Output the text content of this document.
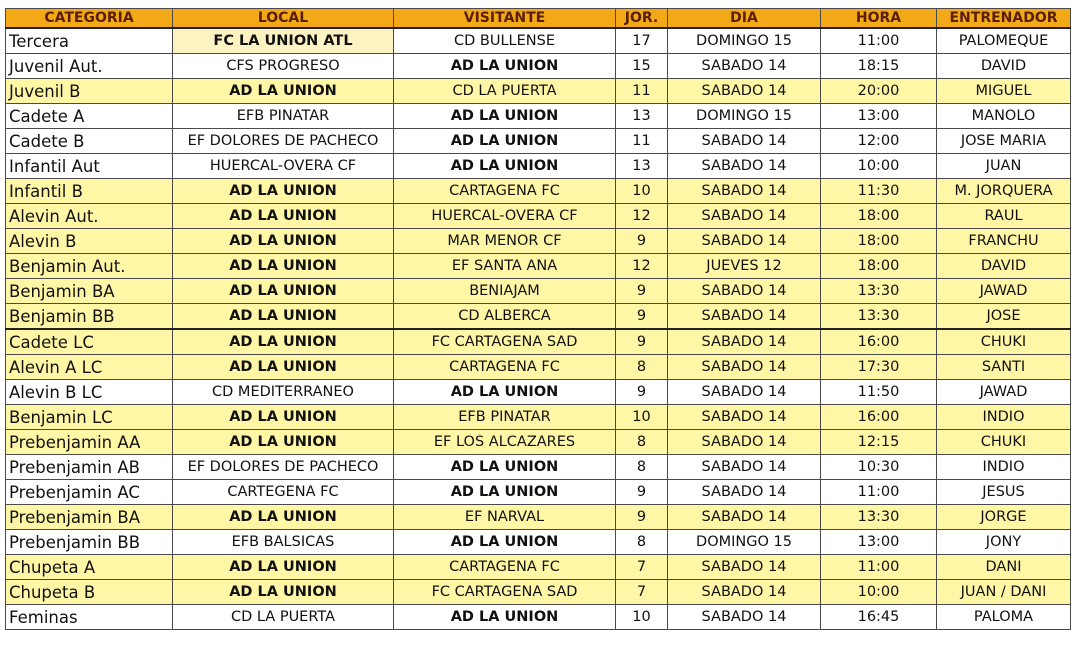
CATEGORIA	LOCAL	VISITANTE	JOR.	DIA	HORA	ENTRENADOR
Tercera	FC LA UNION ATL	CD BULLENSE	17	DOMINGO 15	11:00	PALOMEQUE
Juvenil Aut.	CFS PROGRESO	AD LA UNION	15	SABADO 14	18:15	DAVID
Juvenil B	AD LA UNION	CD LA PUERTA	11	SABADO 14	20:00	MIGUEL
Cadete A	EFB PINATAR	AD LA UNION	13	DOMINGO 15	13:00	MANOLO
Cadete B	EF DOLORES DE PACHECO	AD LA UNION	11	SABADO 14	12:00	JOSE MARIA
Infantil Aut	HUERCAL-OVERA CF	AD LA UNION	13	SABADO 14	10:00	JUAN
Infantil B	AD LA UNION	CARTAGENA FC	10	SABADO 14	11:30	M. JORQUERA
Alevin Aut.	AD LA UNION	HUERCAL-OVERA CF	12	SABADO 14	18:00	RAUL
Alevin B	AD LA UNION	MAR MENOR CF	9	SABADO 14	18:00	FRANCHU
Benjamin Aut.	AD LA UNION	EF SANTA ANA	12	JUEVES 12	18:00	DAVID
Benjamin BA	AD LA UNION	BENIAJAM	9	SABADO 14	13:30	JAWAD
Benjamin BB	AD LA UNION	CD ALBERCA	9	SABADO 14	13:30	JOSE
Cadete LC	AD LA UNION	FC CARTAGENA SAD	9	SABADO 14	16:00	CHUKI
Alevin A LC	AD LA UNION	CARTAGENA FC	8	SABADO 14	17:30	SANTI
Alevin B LC	CD MEDITERRANEO	AD LA UNION	9	SABADO 14	11:50	JAWAD
Benjamin LC	AD LA UNION	EFB PINATAR	10	SABADO 14	16:00	INDIO
Prebenjamin AA	AD LA UNION	EF LOS ALCAZARES	8	SABADO 14	12:15	CHUKI
Prebenjamin AB	EF DOLORES DE PACHECO	AD LA UNION	8	SABADO 14	10:30	INDIO
Prebenjamin AC	CARTEGENA FC	AD LA UNION	9	SABADO 14	11:00	JESUS
Prebenjamin BA	AD LA UNION	EF NARVAL	9	SABADO 14	13:30	JORGE
Prebenjamin BB	EFB BALSICAS	AD LA UNION	8	DOMINGO 15	13:00	JONY
Chupeta A	AD LA UNION	CARTAGENA FC	7	SABADO 14	11:00	DANI
Chupeta B	AD LA UNION	FC CARTAGENA SAD	7	SABADO 14	10:00	JUAN / DANI
Feminas	CD LA PUERTA	AD LA UNION	10	SABADO 14	16:45	PALOMA
